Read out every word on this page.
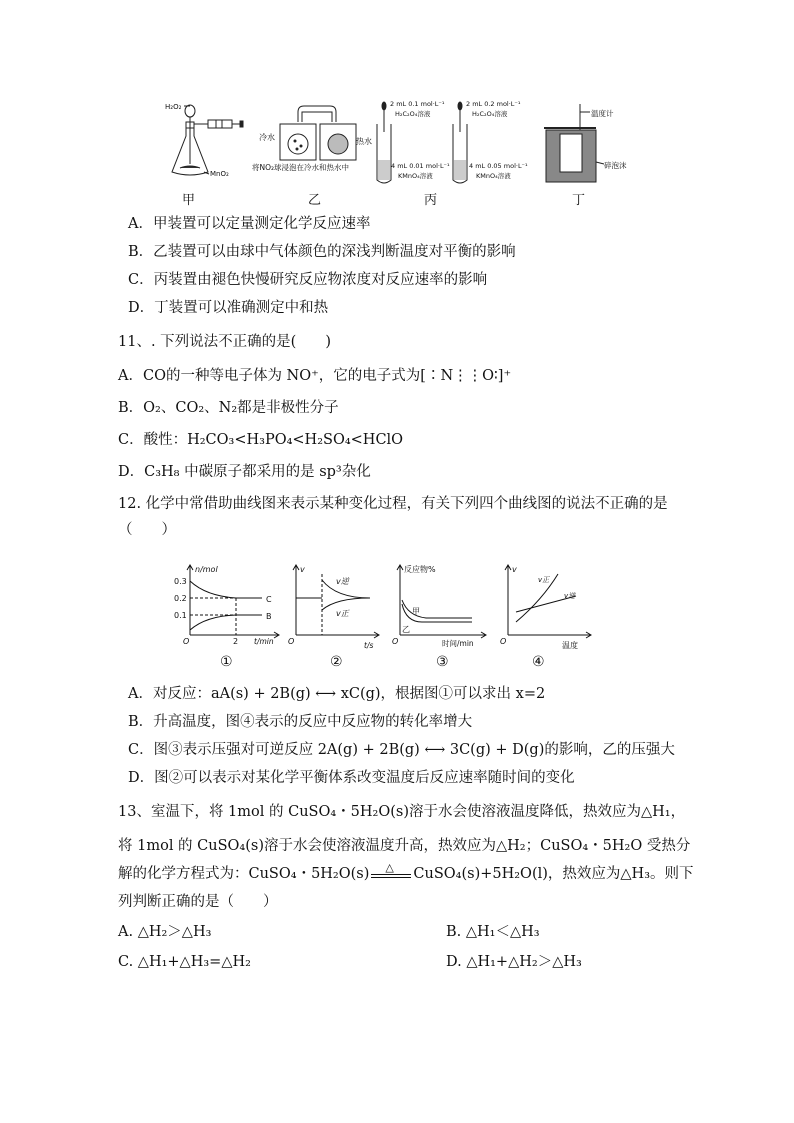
H₂O₂
MnO₂
冷水	热水
将NO₂球浸泡在冷水和热水中
2 mL 0.1 mol·L⁻¹
H₂C₂O₄溶液
2 mL 0.2 mol·L⁻¹
H₂C₂O₄溶液
4 mL 0.01 mol·L⁻¹
KMnO₄溶液
4 mL 0.05 mol·L⁻¹
KMnO₄溶液
温度计
碎泡沫
甲	乙	丙	丁
A．甲装置可以定量测定化学反应速率
B．乙装置可以由球中气体颜色的深浅判断温度对平衡的影响
C．丙装置由褪色快慢研究反应物浓度对反应速率的影响
D．丁装置可以准确测定中和热
11、. 下列说法不正确的是(　　)
A．CO的一种等电子体为 NO⁺，它的电子式为[∶N⋮⋮O∶]⁺
B．O₂、CO₂、N₂都是非极性分子
C．酸性：H₂CO₃<H₃PO₄<H₂SO₄<HClO
D．C₃H₈ 中碳原子都采用的是 sp³杂化
12. 化学中常借助曲线图来表示某种变化过程，有关下列四个曲线图的说法不正确的是
（　　）
n/mol
0.3
0.2
0.1
C
B
O	2 t/min
v
v逆
v正
O	t/s
反应物%
甲
乙
O	时间/min
v
v正
v逆
O	温度
①	②	③	④
A．对反应：aA(s) + 2B(g) ⟷ xC(g)，根据图①可以求出 x=2
B．升高温度，图④表示的反应中反应物的转化率增大
C．图③表示压强对可逆反应 2A(g) + 2B(g) ⟷ 3C(g) + D(g)的影响，乙的压强大
D．图②可以表示对某化学平衡体系改变温度后反应速率随时间的变化
13、室温下，将 1mol 的 CuSO₄・5H₂O(s)溶于水会使溶液温度降低，热效应为△H₁，
将 1mol 的 CuSO₄(s)溶于水会使溶液温度升高，热效应为△H₂；CuSO₄・5H₂O 受热分
解的化学方程式为：CuSO₄・5H₂O(s) △ CuSO₄(s)+5H₂O(l)，热效应为△H₃。则下
列判断正确的是（　　）
A. △H₂＞△H₃	B. △H₁＜△H₃
C. △H₁+△H₃=△H₂	D. △H₁+△H₂＞△H₃
